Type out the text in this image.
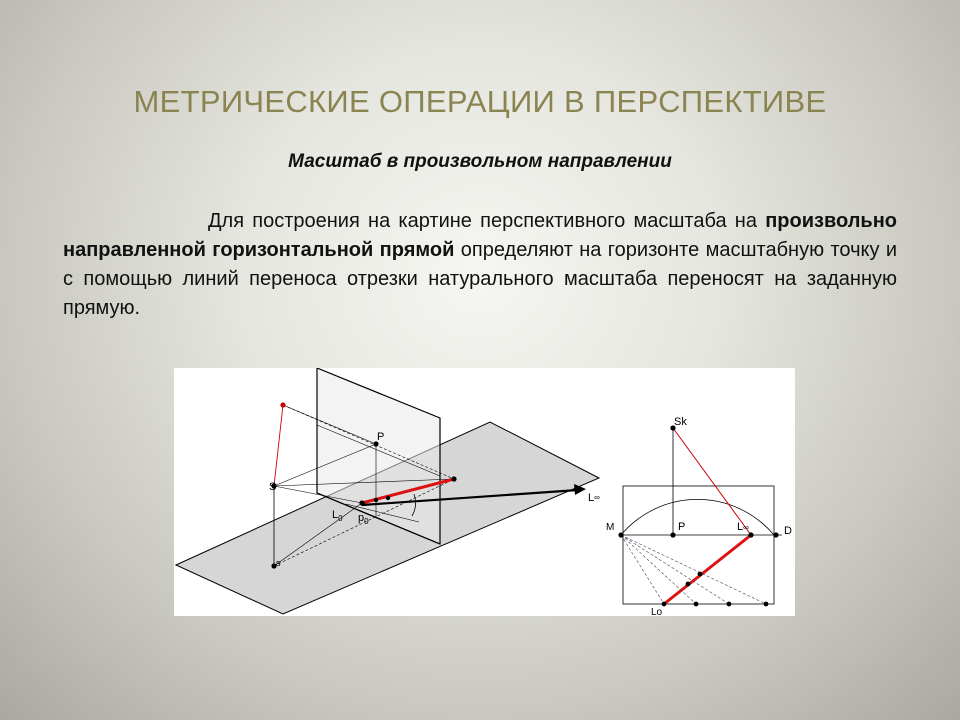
МЕТРИЧЕСКИЕ ОПЕРАЦИИ В ПЕРСПЕКТИВЕ
Масштаб в произвольном направлении
Для построения на картине перспективного масштаба на произвольно направленной горизонтальной прямой определяют на горизонте масштабную точку и с помощью линий переноса отрезки натурального масштаба переносят на заданную прямую.
P
S
s
$L_0$ $p_0$
L∞
Sk
M	P	L∞	D
Lo
